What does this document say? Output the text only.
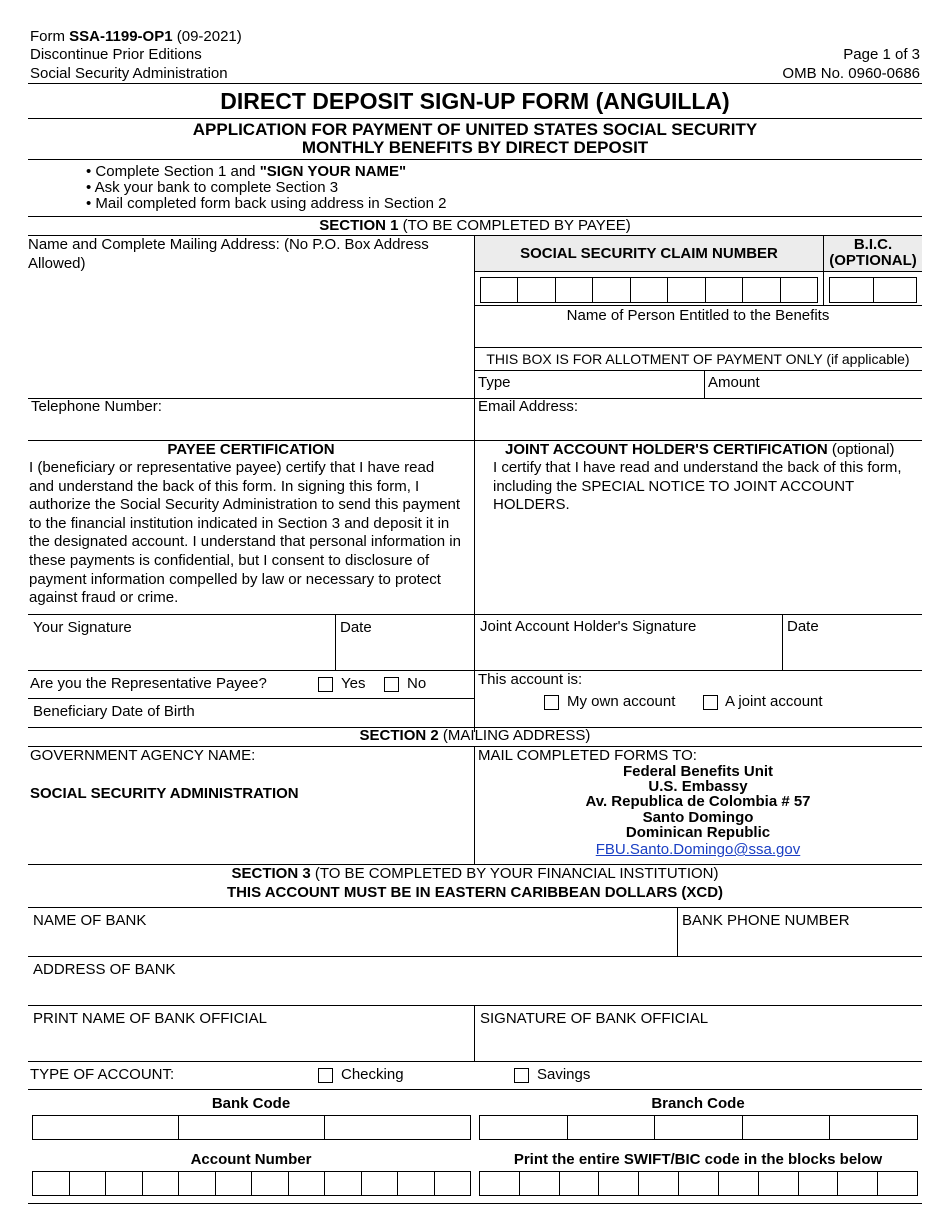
Form SSA-1199-OP1 (09-2021)
Discontinue Prior Editions
Social Security Administration
Page 1 of 3
OMB No. 0960-0686
DIRECT DEPOSIT SIGN-UP FORM (ANGUILLA)
APPLICATION FOR PAYMENT OF UNITED STATES SOCIAL SECURITY
MONTHLY BENEFITS BY DIRECT DEPOSIT
• Complete Section 1 and "SIGN YOUR NAME"
• Ask your bank to complete Section 3
• Mail completed form back using address in Section 2
SECTION 1 (TO BE COMPLETED BY PAYEE)
Name and Complete Mailing Address: (No P.O. Box Address Allowed)
SOCIAL SECURITY CLAIM NUMBER
B.I.C.
(OPTIONAL)
Name of Person Entitled to the Benefits
THIS BOX IS FOR ALLOTMENT OF PAYMENT ONLY (if applicable)
Type	Amount
Telephone Number:	Email Address:
PAYEE CERTIFICATION
I (beneficiary or representative payee) certify that I have read
and understand the back of this form. In signing this form, I
authorize the Social Security Administration to send this payment
to the financial institution indicated in Section 3 and deposit it in
the designated account. I understand that personal information in
these payments is confidential, but I consent to disclosure of
payment information compelled by law or necessary to protect
against fraud or crime.
JOINT ACCOUNT HOLDER'S CERTIFICATION (optional)
I certify that I have read and understand the back of this form,
including the SPECIAL NOTICE TO JOINT ACCOUNT
HOLDERS.
Your Signature	Date	Joint Account Holder's Signature	Date
Are you the Representative Payee?	Yes	No
Beneficiary Date of Birth
This account is:
My own account	A joint account
SECTION 2 (MAILING ADDRESS)
GOVERNMENT AGENCY NAME:
SOCIAL SECURITY ADMINISTRATION
MAIL COMPLETED FORMS TO:
Federal Benefits Unit
U.S. Embassy
Av. Republica de Colombia # 57
Santo Domingo
Dominican Republic
FBU.Santo.Domingo@ssa.gov
SECTION 3 (TO BE COMPLETED BY YOUR FINANCIAL INSTITUTION)
THIS ACCOUNT MUST BE IN EASTERN CARIBBEAN DOLLARS (XCD)
NAME OF BANK	BANK PHONE NUMBER
ADDRESS OF BANK
PRINT NAME OF BANK OFFICIAL	SIGNATURE OF BANK OFFICIAL
TYPE OF ACCOUNT:	Checking	Savings
Bank Code	Branch Code
Account Number	Print the entire SWIFT/BIC code in the blocks below
